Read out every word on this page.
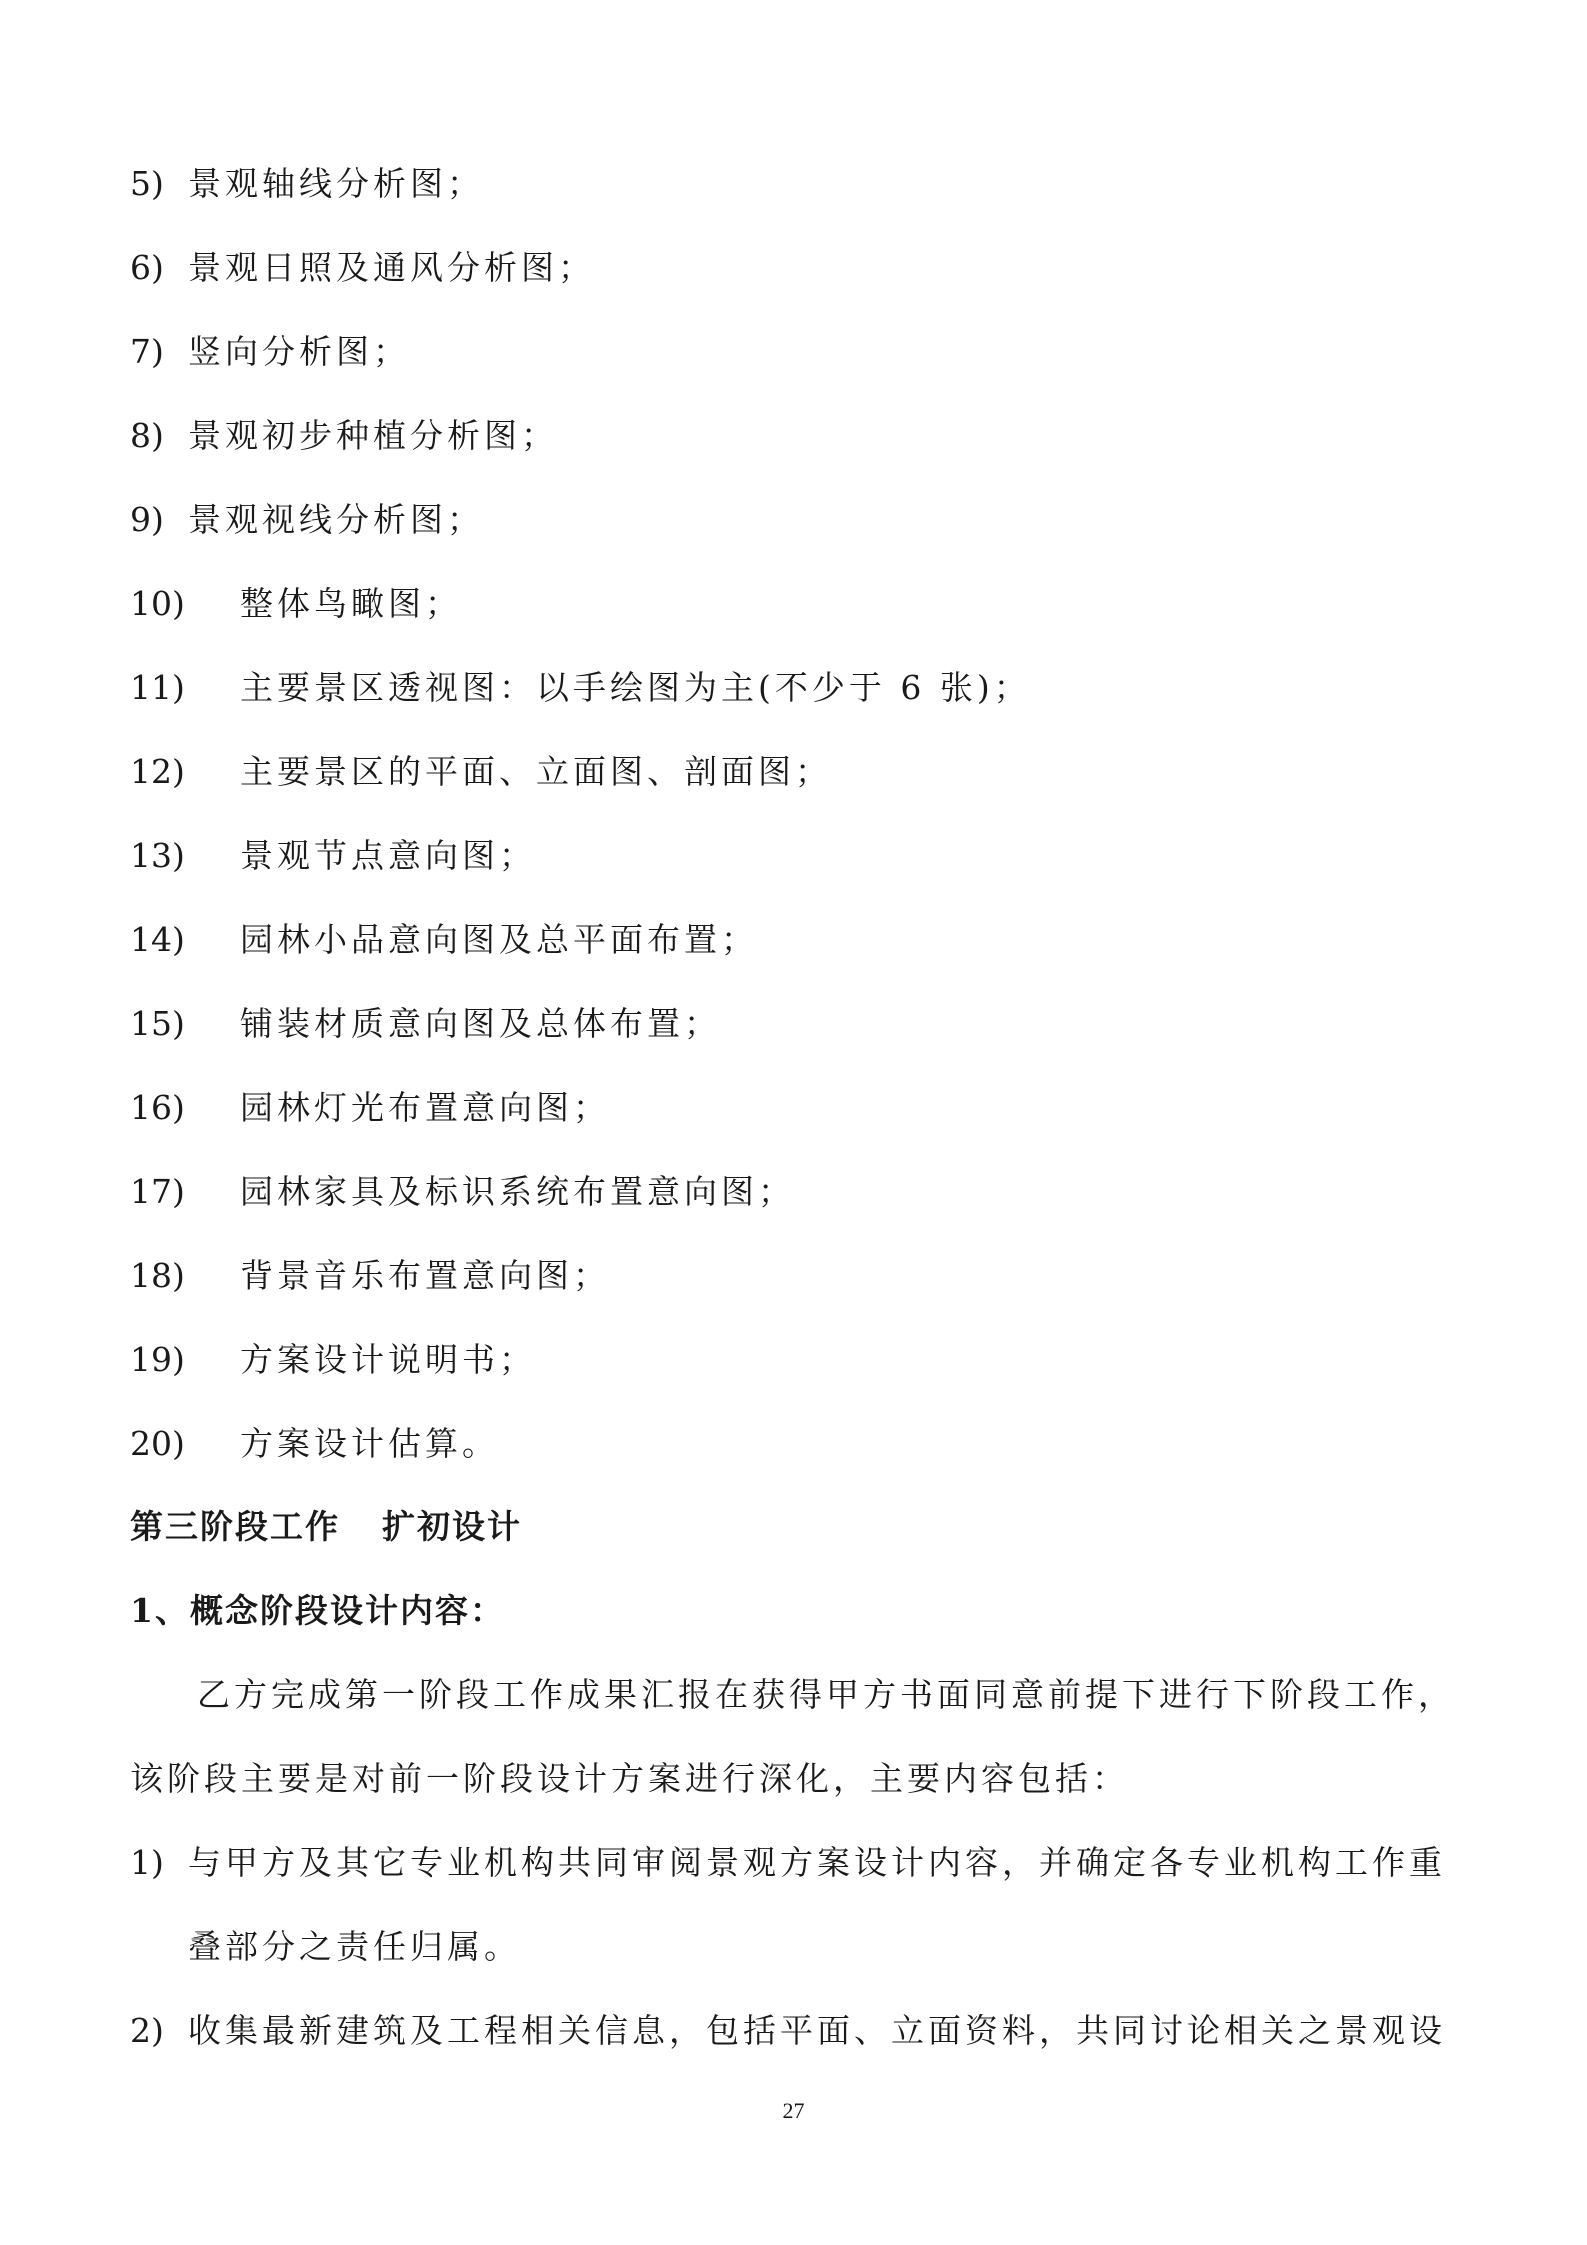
5) 景观轴线分析图；
6) 景观日照及通风分析图；
7) 竖向分析图；
8) 景观初步种植分析图；
9) 景观视线分析图；
10) 整体鸟瞰图；
11) 主要景区透视图：以手绘图为主(不少于 6 张)；
12) 主要景区的平面、立面图、剖面图；
13) 景观节点意向图；
14) 园林小品意向图及总平面布置；
15) 铺装材质意向图及总体布置；
16) 园林灯光布置意向图；
17) 园林家具及标识系统布置意向图；
18) 背景音乐布置意向图；
19) 方案设计说明书；
20) 方案设计估算。
第三阶段工作 扩初设计
1、概念阶段设计内容：
乙方完成第一阶段工作成果汇报在获得甲方书面同意前提下进行下阶段工作，
该阶段主要是对前一阶段设计方案进行深化，主要内容包括：
1) 与甲方及其它专业机构共同审阅景观方案设计内容，并确定各专业机构工作重
叠部分之责任归属。
2) 收集最新建筑及工程相关信息，包括平面、立面资料，共同讨论相关之景观设
27
